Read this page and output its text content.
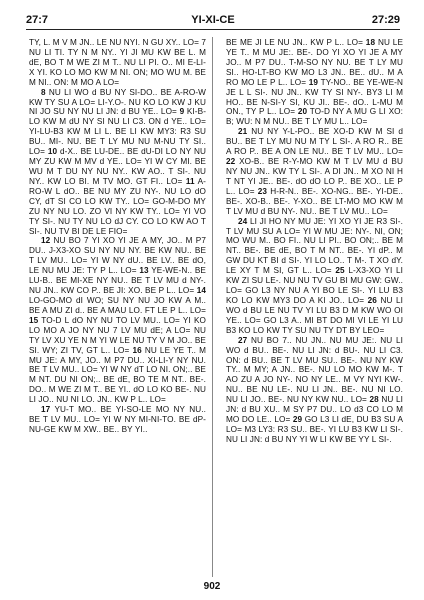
27:7	YI-XI-CE	27:29
TY, L. M V M JN.. LE NU NYI. N GU XY.. LO= 7 NU LI TI. TY N M NY.. YI JI MU KW BE L. M dE, BO T M WE ZI M T.. NU LI PI. O.. MI E-LI-X YI. KO LO MO KW M NI. ON; MO WU M. BE M NI.. ON: M MO A LO=
8 NU LI WO d BU NY SI-DO.. BE A-RO-W KW TY SU A LO= LI-Y.O-. NU KO LO KW J KU NI JO SU NY NU LI JN: d BU YE.. LO= 9 KI-B-LO KW M dU NY SI NU LI C3. ON d YE.. LO= YI-LU-B3 KW M LI L. BE LI KW MY3: R3 SU BU.. MI-. NU. BE T LY MU NU M-NU TY SI.. LO= 10 d-X.. BE LU-DE.. BE dU-DI LO NY NU MY ZU KW M MV d YE.. LO= YI W CY MI. BE WU M T DU NY NU NY.. KW AO.. T SI-. NU NY.. KW LO BI. M TV MO. GT FI.. LO= 11 A-RO-W L dO.. BE NU MY ZU NY-. NU LO dO CY, dT SI CO LO KW TY.. LO= GO-M-DO MY ZU NY NU LO. ZO VI NY KW TY.. LO= YI VO TY SI-. NU TY NU LO dJ CY. CO LO KW AO T SI-. NU TV BI DE LE FIO=
12 NU BO 7 YI XO YI JE A MY, JO.. M P7 DU.. J-X3-XO SU NY NU NY. BE KW NU.. BE T LV MU.. LO= YI W NY dU.. BE LV.. BE dO, LE NU MU JE: TY P L.. LO= 13 YE-WE-N.. BE LU-B.. BE MI-XE NY NU.. BE T LV MU d NY-. NU JN.. KW CO P.. BE JI: XO. BE P L.. LO= 14 LO-GO-MO dI WO; SU NY NU JO KW A M.. BE A MU ZI d.. BE A MAU LO. FT LE P L.. LO= 15 TO-D L dO NY NU TO LV MU.. LO= YI KO LO MO A JO NY NU 7 LV MU dE; A LO= NU TY LV XU YE N M YI W LE NU TY V M JO.. BE SI. WY; ZI TV, GT L.. LO= 16 NU LE YE T.. M MU JE: A MY, JO.. M P7 DU.. XI-LI-Y NY NU. BE T LV MU.. LO= YI W NY dT LO NI. ON;.. BE M NT. DU NI ON;.. BE dE, BO TE M NT.. BE-. DO.. M WE ZI M T.. BE YI.. dO LO KO BE-. NU LI JO.. NU NI LO. JN.. KW P L.. LO=
17 YU-T MO.. BE YI-SO-LE MO NY NU.. BE T LV MU.. LO= YI W NY MI-NI-TO. BE dP-NU-GE KW M XW.. BE.. BY YI..
BE ME JI LE NU JN.. KW P L.. LO= 18 NU LE YE T.. M MU JE:. BE-. DO YI XO YI JE A MY JO.. M P7 DU.. T-M-SO NY NU. BE T LY MU SI.. HO-LT-BO KW MO L3 JN.. BE.. dU.. M A RO MO LE P L.. LO= 19 TY-NO.. BE YE-WE-N JE L L SI-. NU JN.. KW TY SI NY-. BY3 LI M HO.. BE N-SI-Y SI, KU JI.. BE-. dO.. L-MU M ON., TY P L.. LO= 20 TO-D NY A MU G LI XO: B; WU: N M NU.. BE T LY MU L.. LO=
21 NU NY Y-L-PO.. BE XO-D KW M SI d BU.. BE T LY MU NU M TY L SI-. A RO R.. BE A RO P.. BE A ON LE NU.. BE T LV MU.. LO= 22 XO-B.. BE R-Y-MO KW M T LV MU d BU NY NU JN.. KW TY L SI-. A DI JN.. M XO NI H T NT YI JE.. BE-. dO dO LO P.. BE XO.. LE P L.. LO= 23 H-R-N.. BE-. XO-NG.. BE-. YI-DE.. BE-. XO-B.. BE-. Y-XO.. BE LT-MO MO KW M T LV MU d BU NY-. NU.. BE T LV MU.. LO=
24 LI JI HO NY MU JE: YI XO YI JE R3 SI-. T LV MU SU A LO= YI W MU JE: NY-. NI, ON; MO WU M.. BO FI.. NU LI PI.. BO ON;.. BE M NT.. BE-. BE dE, BO T M NT.. BE-. YI dP.. M GW DU KT BI d SI-. YI LO LO.. T M-. T XO dY. LE XY T M SI, GT L.. LO= 25 L-X3-XO YI LI KW ZI SU LE-. NU NU TV GU BI MU GW: GW.. LO= GO L3 NY NU A YI BO LE SI-. YI LU B3 KO LO KW MY3 DO A KI JO.. LO= 26 NU LI WO d BU LE NU TV YI LU B3 D M KW WO OI YE.. LO= GO L3 A.. MI BT DO MI VI LE YI LU B3 KO LO KW TY SU NU TY DT BY LEO=
27 NU BO 7.. NU JN.. NU MU JE:. NU LI WO d BU.. BE-. NU LI JN: d BU-. NU LI C3. ON: d BU.. BE T LV MU SU.. BE-. NU NY KW TY.. M MY; A JN.. BE-. NU LO MO KW M-. T AO ZU A JO NY-. NO NY LE.. M VY NYI KW-. NU.. BE NU LE-. NU LI JN.. BE-. NU NI LO. NU LI JO.. BE-. NU NY KW NU.. LO= 28 NU LI JN: d BU XU.. M SY P7 DU.. LO d3 CO LO M MO DO LE.. LO= 29 GO L3 LI dE, DU B3 SU A LO= M3 LY3: R3 SU.. BE-. YI LU B3 KW LI SI-. NU LI JN: d BU NY YI W LI KW BE YY L SI-.
902
